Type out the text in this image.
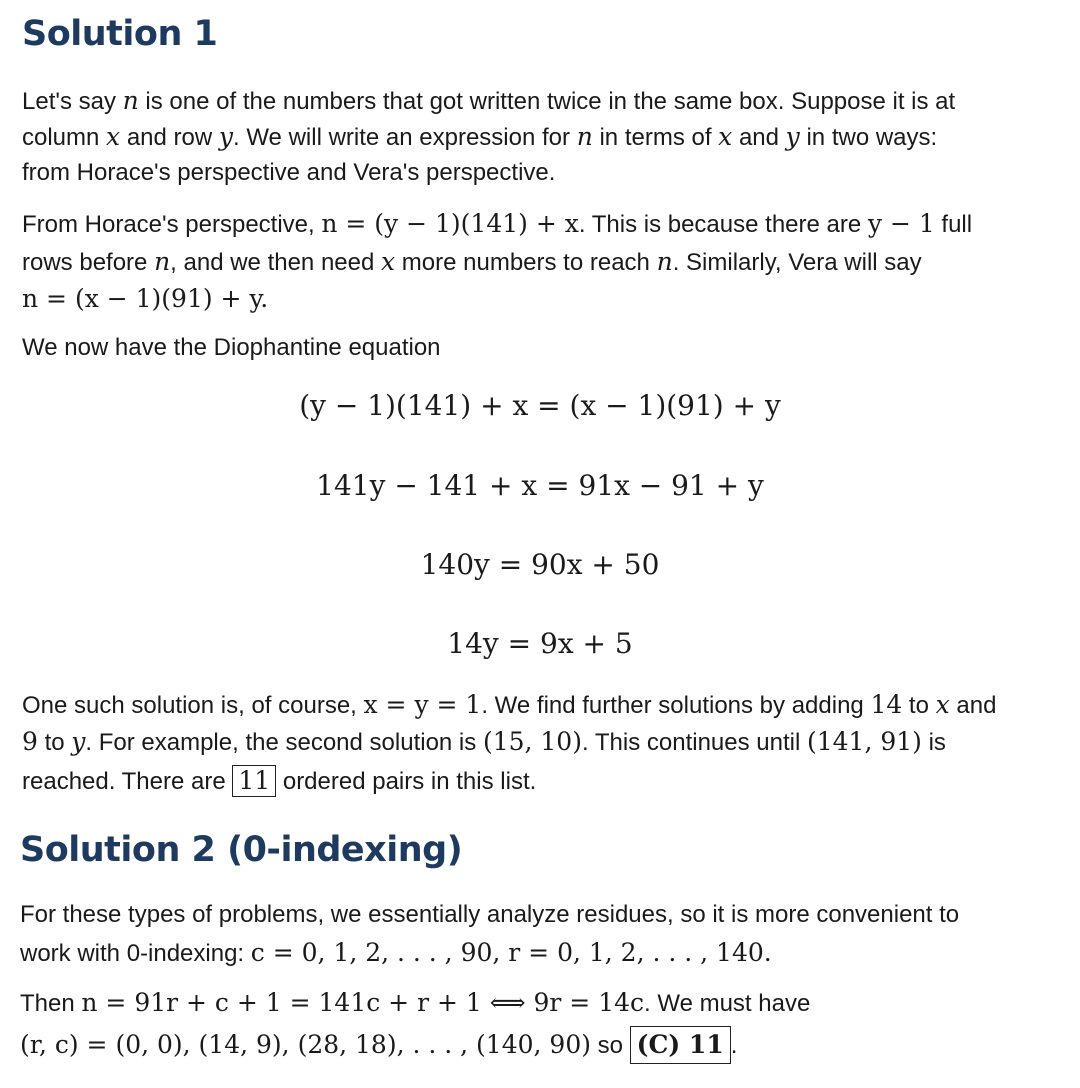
Solution 1
Let's say n is one of the numbers that got written twice in the same box. Suppose it is at
column x and row y. We will write an expression for n in terms of x and y in two ways:
from Horace's perspective and Vera's perspective.
From Horace's perspective, n = (y − 1)(141) + x. This is because there are y − 1 full
rows before n, and we then need x more numbers to reach n. Similarly, Vera will say
n = (x − 1)(91) + y.
We now have the Diophantine equation
(y − 1)(141) + x = (x − 1)(91) + y
141y − 141 + x = 91x − 91 + y
140y = 90x + 50
14y = 9x + 5
One such solution is, of course, x = y = 1. We find further solutions by adding 14 to x and
9 to y. For example, the second solution is (15, 10). This continues until (141, 91) is
reached. There are 11 ordered pairs in this list.
Solution 2 (0-indexing)
For these types of problems, we essentially analyze residues, so it is more convenient to
work with 0-indexing: c = 0, 1, 2, . . . , 90, r = 0, 1, 2, . . . , 140.
Then n = 91r + c + 1 = 141c + r + 1 ⟺ 9r = 14c. We must have
(r, c) = (0, 0), (14, 9), (28, 18), . . . , (140, 90) so (C) 11 .
